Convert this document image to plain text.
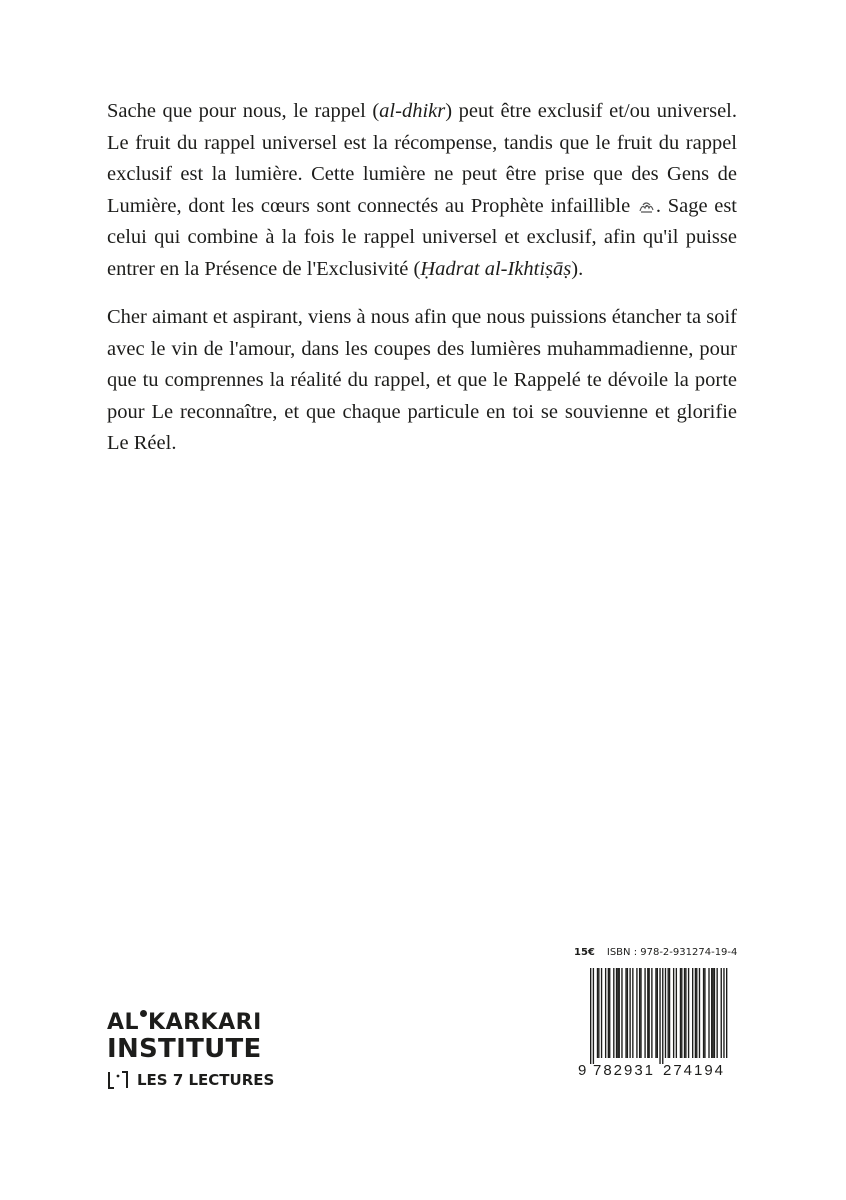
Sache que pour nous, le rappel (al-dhikr) peut être exclusif et/ou universel. Le fruit du rappel universel est la récompense, tandis que le fruit du rappel exclusif est la lumière. Cette lumière ne peut être prise que des Gens de Lumière, dont les cœurs sont connectés au Prophète infaillible . Sage est celui qui combine à la fois le rappel universel et exclusif, afin qu'il puisse entrer en la Présence de l'Exclusivité (Ḥadrat al-Ikhtiṣāṣ).

Cher aimant et aspirant, viens à nous afin que nous puissions étancher ta soif avec le vin de l'amour, dans les coupes des lumières muhammadienne, pour que tu comprennes la réalité du rappel, et que le Rappelé te dévoile la porte pour Le reconnaître, et que chaque particule en toi se souvienne et glorifie Le Réel.

AL KARKARI
INSTITUTE
LES 7 LECTURES
15€ ISBN : 978-2-931274-19-4
9 782931 274194
